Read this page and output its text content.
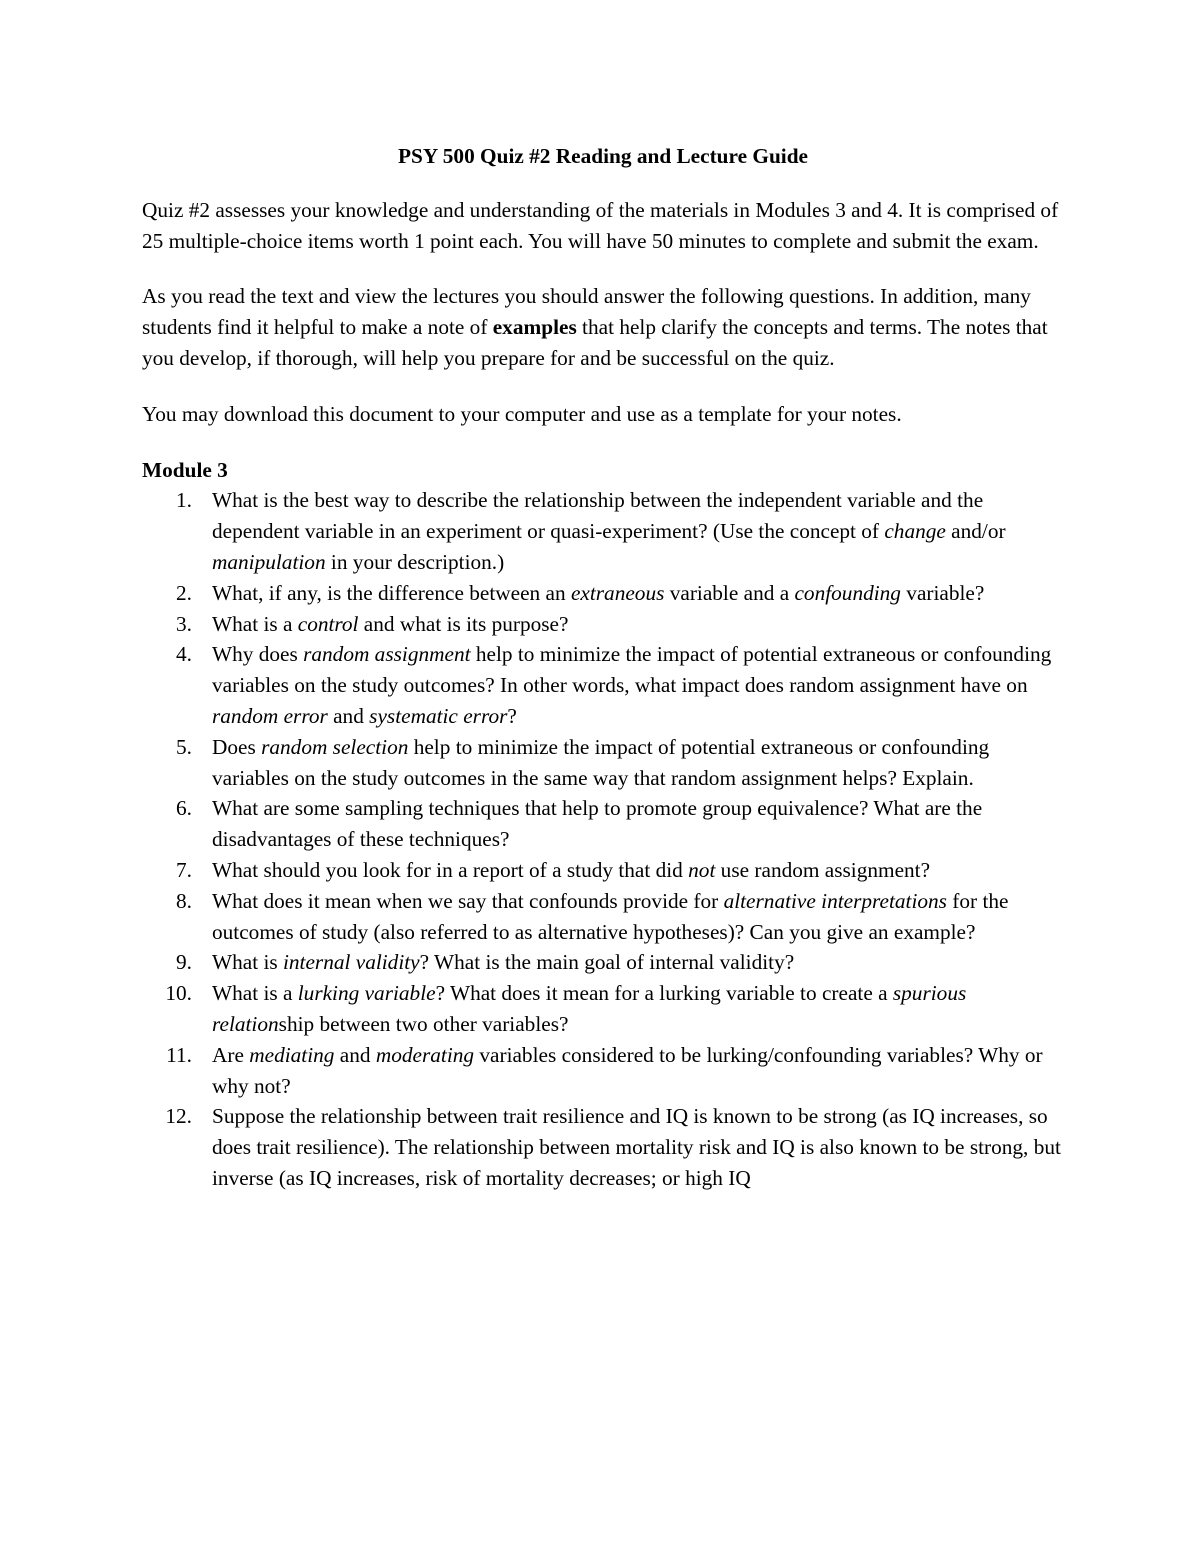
PSY 500 Quiz #2 Reading and Lecture Guide
Quiz #2 assesses your knowledge and understanding of the materials in Modules 3 and 4. It is comprised of 25 multiple-choice items worth 1 point each. You will have 50 minutes to complete and submit the exam.
As you read the text and view the lectures you should answer the following questions. In addition, many students find it helpful to make a note of examples that help clarify the concepts and terms. The notes that you develop, if thorough, will help you prepare for and be successful on the quiz.
You may download this document to your computer and use as a template for your notes.
Module 3
1. What is the best way to describe the relationship between the independent variable and the dependent variable in an experiment or quasi-experiment? (Use the concept of change and/or manipulation in your description.)
2. What, if any, is the difference between an extraneous variable and a confounding variable?
3. What is a control and what is its purpose?
4. Why does random assignment help to minimize the impact of potential extraneous or confounding variables on the study outcomes? In other words, what impact does random assignment have on random error and systematic error?
5. Does random selection help to minimize the impact of potential extraneous or confounding variables on the study outcomes in the same way that random assignment helps? Explain.
6. What are some sampling techniques that help to promote group equivalence? What are the disadvantages of these techniques?
7. What should you look for in a report of a study that did not use random assignment?
8. What does it mean when we say that confounds provide for alternative interpretations for the outcomes of study (also referred to as alternative hypotheses)? Can you give an example?
9. What is internal validity? What is the main goal of internal validity?
10. What is a lurking variable? What does it mean for a lurking variable to create a spurious relationship between two other variables?
11. Are mediating and moderating variables considered to be lurking/confounding variables? Why or why not?
12. Suppose the relationship between trait resilience and IQ is known to be strong (as IQ increases, so does trait resilience). The relationship between mortality risk and IQ is also known to be strong, but inverse (as IQ increases, risk of mortality decreases; or high IQ
